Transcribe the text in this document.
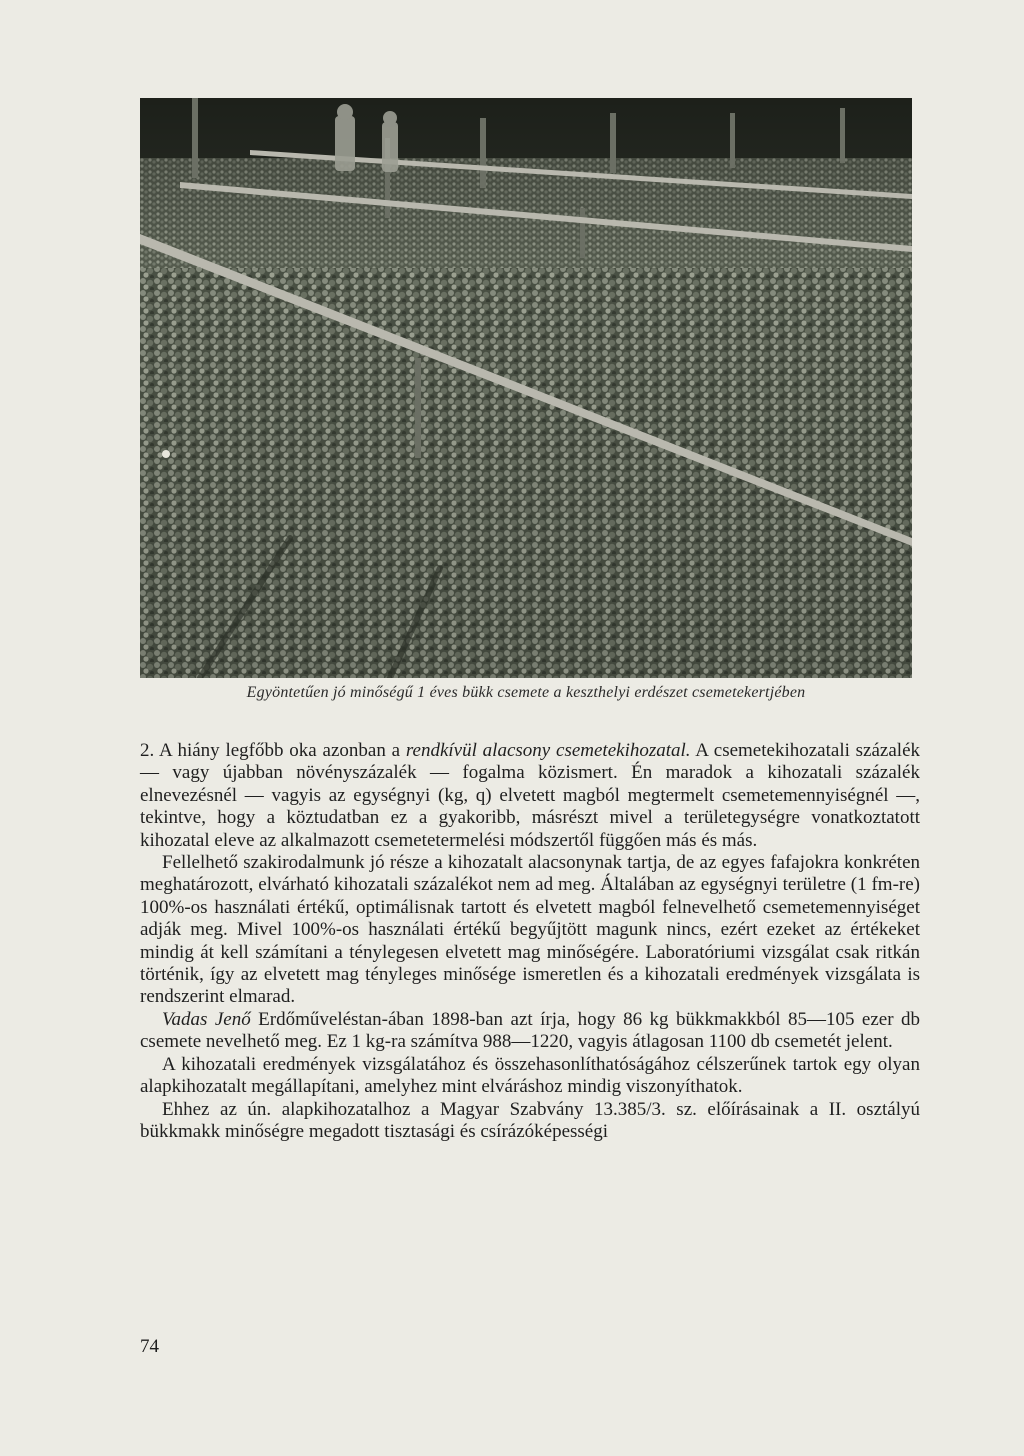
Egyöntetűen jó minőségű 1 éves bükk csemete a keszthelyi erdészet csemetekertjében

2. A hiány legfőbb oka azonban a rendkívül alacsony csemetekihozatal. A csemetekihozatali százalék — vagy újabban növényszázalék — fogalma közismert. Én maradok a kihozatali százalék elnevezésnél — vagyis az egységnyi (kg, q) elvetett magból megtermelt csemetemennyiségnél —, tekintve, hogy a köztudatban ez a gyakoribb, másrészt mivel a területegységre vonatkoztatott kihozatal eleve az alkalmazott csemetetermelési módszertől függően más és más.

Fellelhető szakirodalmunk jó része a kihozatalt alacsonynak tartja, de az egyes fafajokra konkréten meghatározott, elvárható kihozatali százalékot nem ad meg. Általában az egységnyi területre (1 fm-re) 100%-os használati értékű, optimálisnak tartott és elvetett magból felnevelhető csemetemennyiséget adják meg. Mivel 100%-os használati értékű begyűjtött magunk nincs, ezért ezeket az értékeket mindig át kell számítani a ténylegesen elvetett mag minőségére. Laboratóriumi vizsgálat csak ritkán történik, így az elvetett mag tényleges minősége ismeretlen és a kihozatali eredmények vizsgálata is rendszerint elmarad.

Vadas Jenő Erdőműveléstan-ában 1898-ban azt írja, hogy 86 kg bükkmakkból 85—105 ezer db csemete nevelhető meg. Ez 1 kg-ra számítva 988—1220, vagyis átlagosan 1100 db csemetét jelent.

A kihozatali eredmények vizsgálatához és összehasonlíthatóságához célszerűnek tartok egy olyan alapkihozatalt megállapítani, amelyhez mint elváráshoz mindig viszonyíthatok.

Ehhez az ún. alapkihozatalhoz a Magyar Szabvány 13.385/3. sz. előírásainak a II. osztályú bükkmakk minőségre megadott tisztasági és csírázóképességi

74
